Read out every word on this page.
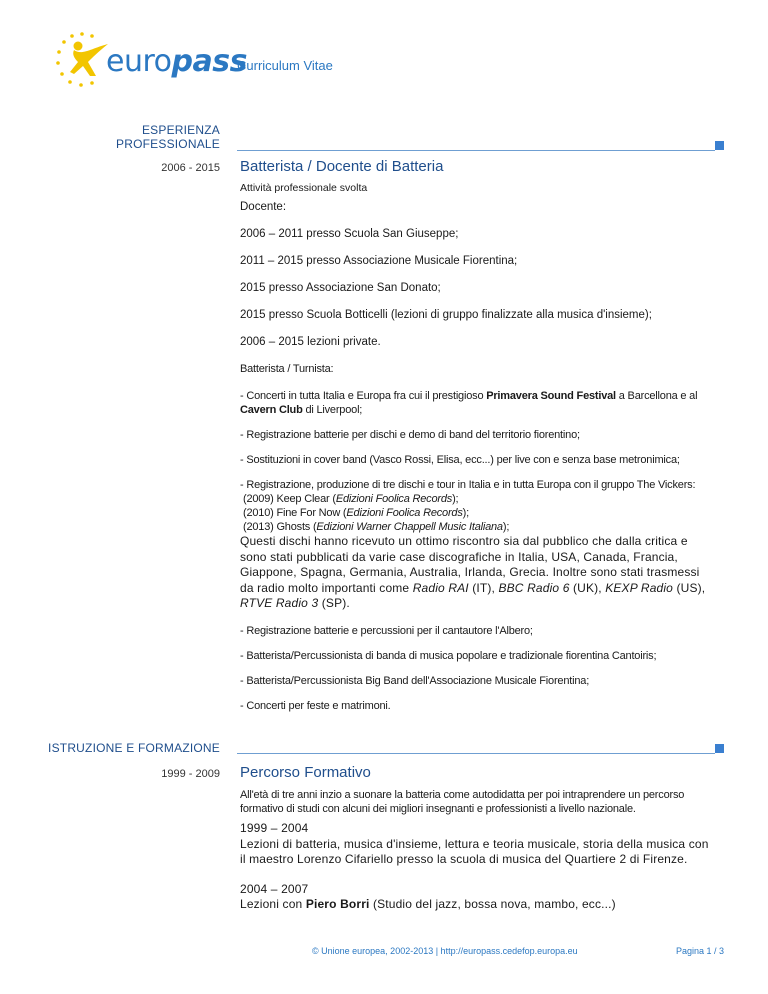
europass
Curriculum Vitae
ESPERIENZA
PROFESSIONALE
2006 - 2015 Batterista / Docente di Batteria

Attività professionale svolta

Docente:

2006 – 2011 presso Scuola San Giuseppe;

2011 – 2015 presso Associazione Musicale Fiorentina;

2015 presso Associazione San Donato;

2015 presso Scuola Botticelli (lezioni di gruppo finalizzate alla musica d'insieme);

2006 – 2015 lezioni private.

Batterista / Turnista:

- Concerti in tutta Italia e Europa fra cui il prestigioso Primavera Sound Festival a Barcellona e al Cavern Club di Liverpool;

- Registrazione batterie per dischi e demo di band del territorio fiorentino;

- Sostituzioni in cover band (Vasco Rossi, Elisa, ecc...) per live con e senza base metronimica;

- Registrazione, produzione di tre dischi e tour in Italia e in tutta Europa con il gruppo The Vickers:

(2009) Keep Clear (Edizioni Foolica Records);

(2010) Fine For Now (Edizioni Foolica Records);

(2013) Ghosts (Edizioni Warner Chappell Music Italiana);

Questi dischi hanno ricevuto un ottimo riscontro sia dal pubblico che dalla critica e sono stati pubblicati da varie case discografiche in Italia, USA, Canada, Francia, Giappone, Spagna, Germania, Australia, Irlanda, Grecia. Inoltre sono stati trasmessi da radio molto importanti come Radio RAI (IT), BBC Radio 6 (UK), KEXP Radio (US), RTVE Radio 3 (SP).

- Registrazione batterie e percussioni per il cantautore l'Albero;

- Batterista/Percussionista di banda di musica popolare e tradizionale fiorentina Cantoiris;

- Batterista/Percussionista Big Band dell'Associazione Musicale Fiorentina;

- Concerti per feste e matrimoni.

ISTRUZIONE E FORMAZIONE
1999 - 2009 Percorso Formativo

All'età di tre anni inzio a suonare la batteria come autodidatta per poi intraprendere un percorso formativo di studi con alcuni dei migliori insegnanti e professionisti a livello nazionale.

1999 – 2004

Lezioni di batteria, musica d'insieme, lettura e teoria musicale, storia della musica con il maestro Lorenzo Cifariello presso la scuola di musica del Quartiere 2 di Firenze.

2004 – 2007

Lezioni con Piero Borri (Studio del jazz, bossa nova, mambo, ecc...)

© Unione europea, 2002-2013 | http://europass.cedefop.europa.eu	Pagina 1 / 3
